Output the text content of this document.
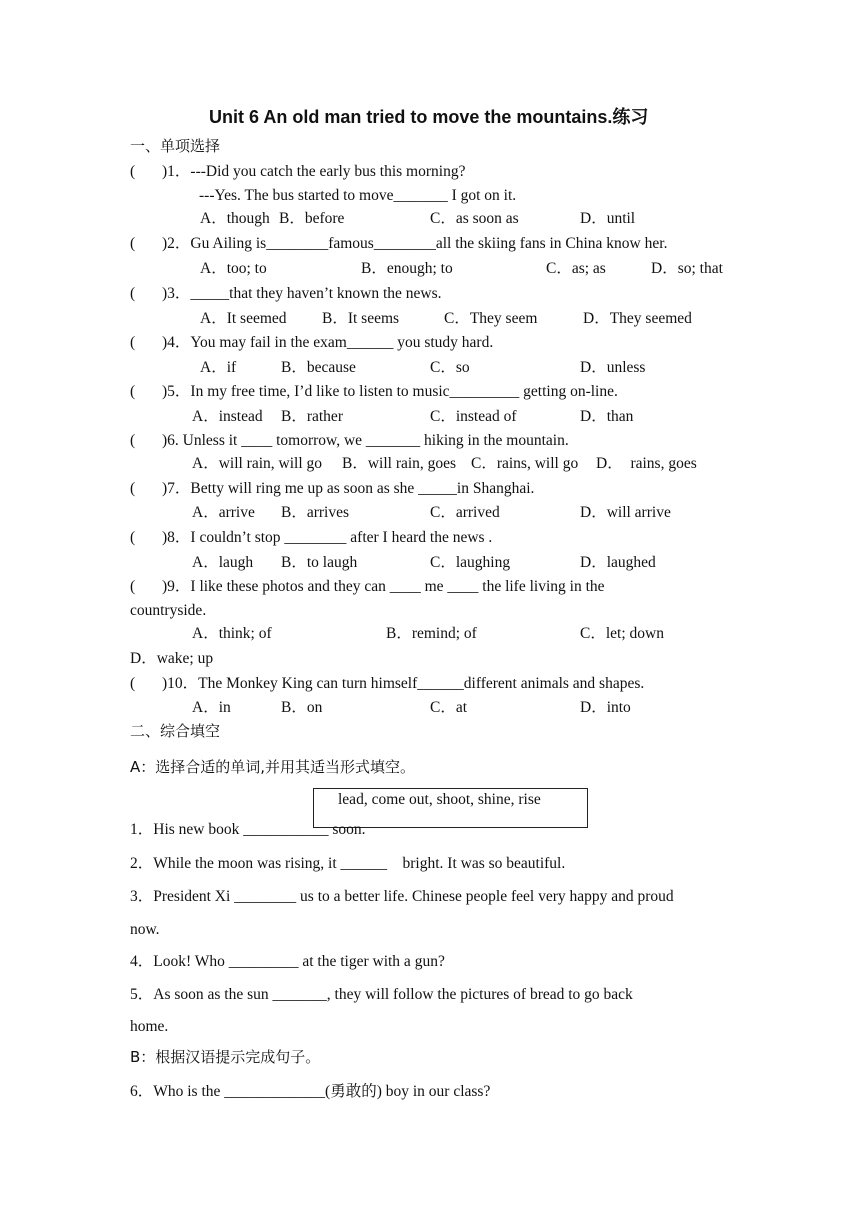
Unit 6 An old man tried to move the mountains.练习
一、单项选择
( )1．---Did you catch the early bus this morning?
---Yes. The bus started to move_______ I got on it.
A．though B．before	C．as soon as	D．until
( )2．Gu Ailing is________famous________all the skiing fans in China know her.
A．too; to	B．enough; to	C．as; as	D．so; that
( )3．_____that they haven’t known the news.
A．It seemed B．It seems	C．They seem	D．They seemed
( )4．You may fail in the exam______ you study hard.
A．if	B．because	C．so	D．unless
( )5．In my free time, I’d like to listen to music_________ getting on-line.
A．instead B．rather	C．instead of	D．than
( )6. Unless it ____ tomorrow, we _______ hiking in the mountain.
A．will rain, will go B．will rain, goes C．rains, will go D．  rains, goes
( )7．Betty will ring me up as soon as she _____in Shanghai.
A．arrive B．arrives	C．arrived	D．will arrive
( )8．I couldn’t stop ________ after I heard the news .
A．laugh B．to laugh	C．laughing	D．laughed
( )9．I like these photos and they can ____ me ____ the life living in the
countryside.
A．think; of	B．remind; of	C．let; down
D．wake; up
( )10．The Monkey King can turn himself______different animals and shapes.
A．in	B．on	C．at	D．into
二、综合填空
A：选择合适的单词,并用其适当形式填空。
lead, come out, shoot, shine, rise
1．His new book ___________ soon.
2．While the moon was rising, it ______    bright. It was so beautiful.
3．President Xi ________ us to a better life. Chinese people feel very happy and proud
now.
4．Look! Who _________ at the tiger with a gun?
5．As soon as the sun _______, they will follow the pictures of bread to go back
home.
B：根据汉语提示完成句子。
6．Who is the _____________(勇敢的) boy in our class?
